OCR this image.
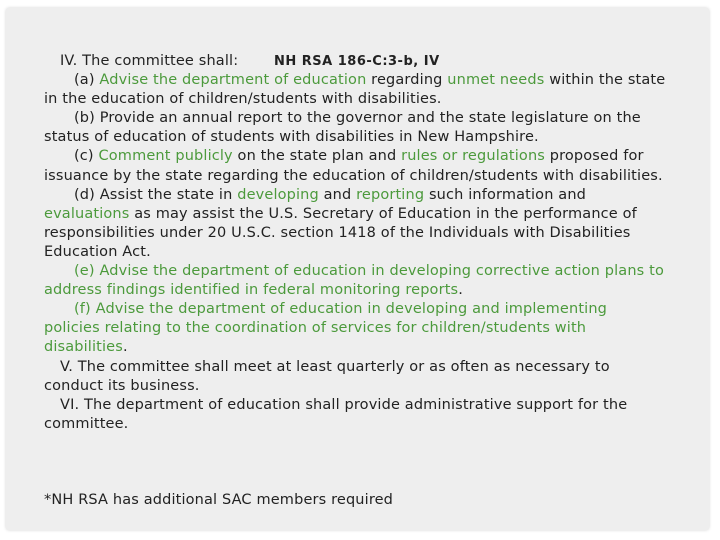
NH RSA 186-C:3-b, IV

IV. The committee shall:

(a) Advise the department of education regarding unmet needs within the state in the education of children/students with disabilities.

(b) Provide an annual report to the governor and the state legislature on the status of education of students with disabilities in New Hampshire.

(c) Comment publicly on the state plan and rules or regulations proposed for issuance by the state regarding the education of children/students with disabilities.

(d) Assist the state in developing and reporting such information and evaluations as may assist the U.S. Secretary of Education in the performance of responsibilities under 20 U.S.C. section 1418 of the Individuals with Disabilities Education Act.

(e) Advise the department of education in developing corrective action plans to address findings identified in federal monitoring reports.

(f) Advise the department of education in developing and implementing policies relating to the coordination of services for children/students with disabilities.

V. The committee shall meet at least quarterly or as often as necessary to conduct its business.

VI. The department of education shall provide administrative support for the committee.

*NH RSA has additional SAC members required
